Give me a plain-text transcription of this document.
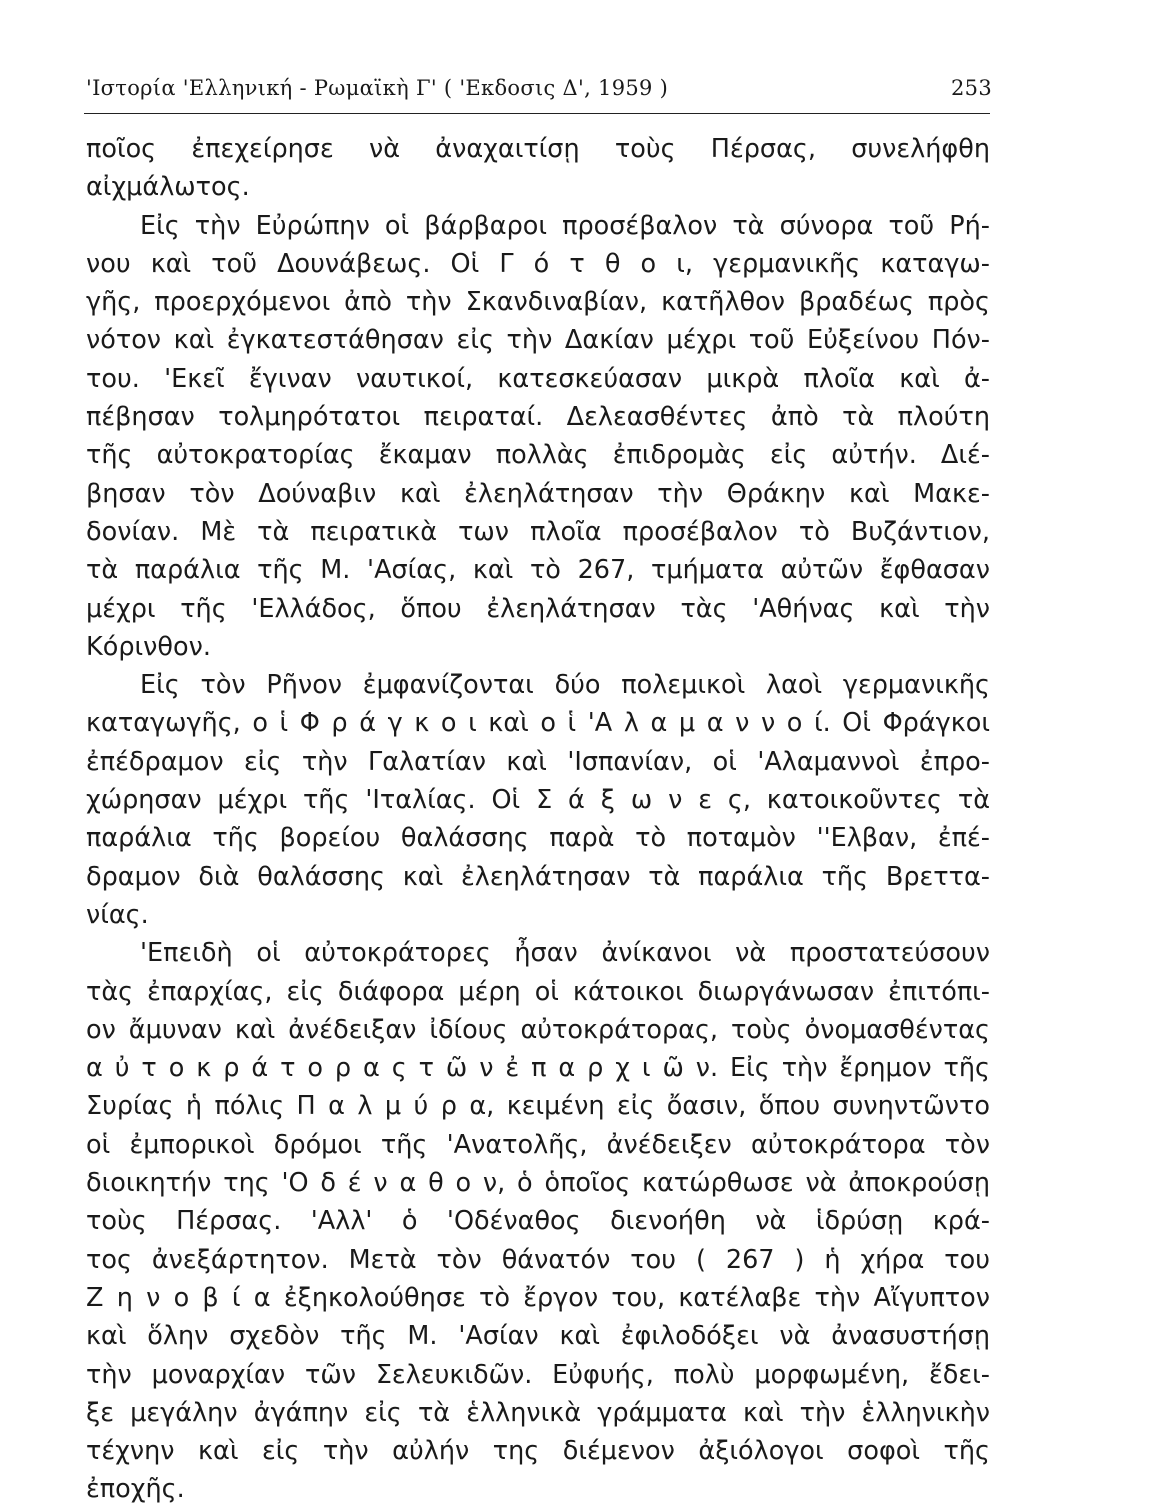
'Ιστορία 'Ελληνική - Ρωμαϊκὴ Γ' ( 'Εκδοσις Δ', 1959 )	253
ποῖος ἐπεχείρησε νὰ ἀναχαιτίσῃ τοὺς Πέρσας, συνελήφθη
αἰχμάλωτος.
Εἰς τὴν Εὐρώπην οἱ βάρβαροι προσέβαλον τὰ σύνορα τοῦ Ρή-
νου καὶ τοῦ Δουνάβεως. Οἱ Γ ό τ θ ο ι, γερμανικῆς καταγω-
γῆς, προερχόμενοι ἀπὸ τὴν Σκανδιναβίαν, κατῆλθον βραδέως πρὸς
νότον καὶ ἐγκατεστάθησαν εἰς τὴν Δακίαν μέχρι τοῦ Εὐξείνου Πόν-
του. 'Εκεῖ ἔγιναν ναυτικοί, κατεσκεύασαν μικρὰ πλοῖα καὶ ἀ-
πέβησαν τολμηρότατοι πειραταί. Δελεασθέντες ἀπὸ τὰ πλούτη
τῆς αὐτοκρατορίας ἔκαμαν πολλὰς ἐπιδρομὰς εἰς αὐτήν. Διέ-
βησαν τὸν Δούναβιν καὶ ἐλεηλάτησαν τὴν Θράκην καὶ Μακε-
δονίαν. Μὲ τὰ πειρατικὰ των πλοῖα προσέβαλον τὸ Βυζάντιον,
τὰ παράλια τῆς Μ. 'Ασίας, καὶ τὸ 267, τμήματα αὐτῶν ἔφθασαν
μέχρι τῆς 'Ελλάδος, ὅπου ἐλεηλάτησαν τὰς 'Αθήνας καὶ τὴν
Κόρινθον.
Εἰς τὸν Ρῆνον ἐμφανίζονται δύο πολεμικοὶ λαοὶ γερμανικῆς
καταγωγῆς, ο ἱ Φ ρ ά γ κ ο ι καὶ ο ἱ 'Α λ α μ α ν ν ο ί. Οἱ Φράγκοι
ἐπέδραμον εἰς τὴν Γαλατίαν καὶ 'Ισπανίαν, οἱ 'Αλαμαννοὶ ἐπρο-
χώρησαν μέχρι τῆς 'Ιταλίας. Οἱ Σ ά ξ ω ν ε ς, κατοικοῦντες τὰ
παράλια τῆς βορείου θαλάσσης παρὰ τὸ ποταμὸν ''Ελβαν, ἐπέ-
δραμον διὰ θαλάσσης καὶ ἐλεηλάτησαν τὰ παράλια τῆς Βρεττα-
νίας.
'Επειδὴ οἱ αὐτοκράτορες ἦσαν ἀνίκανοι νὰ προστατεύσουν
τὰς ἐπαρχίας, εἰς διάφορα μέρη οἱ κάτοικοι διωργάνωσαν ἐπιτόπι-
ον ἄμυναν καὶ ἀνέδειξαν ἰδίους αὐτοκράτορας, τοὺς ὀνομασθέντας
α ὐ τ ο κ ρ ά τ ο ρ α ς τ ῶ ν ἐ π α ρ χ ι ῶ ν. Εἰς τὴν ἔρημον τῆς
Συρίας ἡ πόλις Π α λ μ ύ ρ α, κειμένη εἰς ὄασιν, ὅπου συνηντῶντο
οἱ ἐμπορικοὶ δρόμοι τῆς 'Ανατολῆς, ἀνέδειξεν αὐτοκράτορα τὸν
διοικητήν της 'Ο δ έ ν α θ ο ν, ὁ ὁποῖος κατώρθωσε νὰ ἀποκρούσῃ
τοὺς Πέρσας. 'Αλλ' ὁ 'Οδέναθος διενοήθη νὰ ἱδρύσῃ κρά-
τος ἀνεξάρτητον. Μετὰ τὸν θάνατόν του ( 267 ) ἡ χήρα του
Ζ η ν ο β ί α ἐξηκολούθησε τὸ ἔργον του, κατέλαβε τὴν Αἴγυπτον
καὶ ὅλην σχεδὸν τῆς Μ. 'Ασίαν καὶ ἐφιλοδόξει νὰ ἀνασυστήσῃ
τὴν μοναρχίαν τῶν Σελευκιδῶν. Εὐφυής, πολὺ μορφωμένη, ἔδει-
ξε μεγάλην ἀγάπην εἰς τὰ ἑλληνικὰ γράμματα καὶ τὴν ἑλληνικὴν
τέχνην καὶ εἰς τὴν αὐλήν της διέμενον ἀξιόλογοι σοφοὶ τῆς
ἐποχῆς.
